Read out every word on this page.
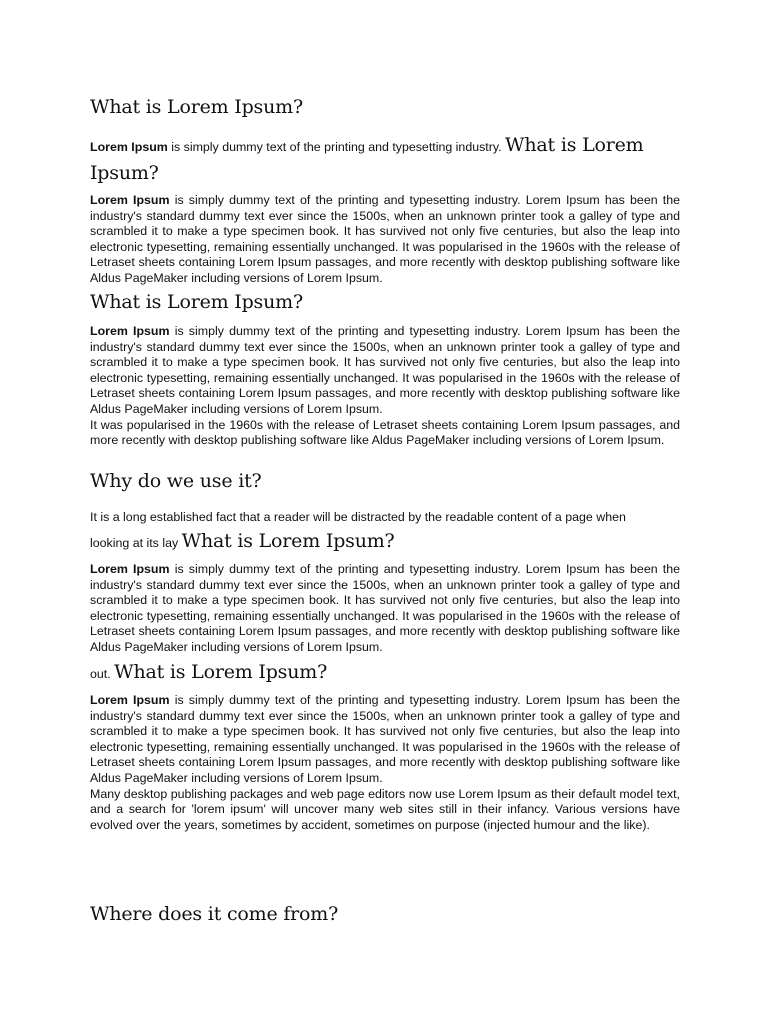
What is Lorem Ipsum?

Lorem Ipsum is simply dummy text of the printing and typesetting industry. What is Lorem

Ipsum?

Lorem Ipsum is simply dummy text of the printing and typesetting industry. Lorem Ipsum has been the industry's standard dummy text ever since the 1500s, when an unknown printer took a galley of type and scrambled it to make a type specimen book. It has survived not only five centuries, but also the leap into electronic typesetting, remaining essentially unchanged. It was popularised in the 1960s with the release of Letraset sheets containing Lorem Ipsum passages, and more recently with desktop publishing software like Aldus PageMaker including versions of Lorem Ipsum.

What is Lorem Ipsum?

Lorem Ipsum is simply dummy text of the printing and typesetting industry. Lorem Ipsum has been the industry's standard dummy text ever since the 1500s, when an unknown printer took a galley of type and scrambled it to make a type specimen book. It has survived not only five centuries, but also the leap into electronic typesetting, remaining essentially unchanged. It was popularised in the 1960s with the release of Letraset sheets containing Lorem Ipsum passages, and more recently with desktop publishing software like Aldus PageMaker including versions of Lorem Ipsum.

It was popularised in the 1960s with the release of Letraset sheets containing Lorem Ipsum passages, and more recently with desktop publishing software like Aldus PageMaker including versions of Lorem Ipsum.

Why do we use it?

It is a long established fact that a reader will be distracted by the readable content of a page when

looking at its lay What is Lorem Ipsum?

Lorem Ipsum is simply dummy text of the printing and typesetting industry. Lorem Ipsum has been the industry's standard dummy text ever since the 1500s, when an unknown printer took a galley of type and scrambled it to make a type specimen book. It has survived not only five centuries, but also the leap into electronic typesetting, remaining essentially unchanged. It was popularised in the 1960s with the release of Letraset sheets containing Lorem Ipsum passages, and more recently with desktop publishing software like Aldus PageMaker including versions of Lorem Ipsum.

out. What is Lorem Ipsum?

Lorem Ipsum is simply dummy text of the printing and typesetting industry. Lorem Ipsum has been the industry's standard dummy text ever since the 1500s, when an unknown printer took a galley of type and scrambled it to make a type specimen book. It has survived not only five centuries, but also the leap into electronic typesetting, remaining essentially unchanged. It was popularised in the 1960s with the release of Letraset sheets containing Lorem Ipsum passages, and more recently with desktop publishing software like Aldus PageMaker including versions of Lorem Ipsum.

Many desktop publishing packages and web page editors now use Lorem Ipsum as their default model text, and a search for 'lorem ipsum' will uncover many web sites still in their infancy. Various versions have evolved over the years, sometimes by accident, sometimes on purpose (injected humour and the like).

Where does it come from?
